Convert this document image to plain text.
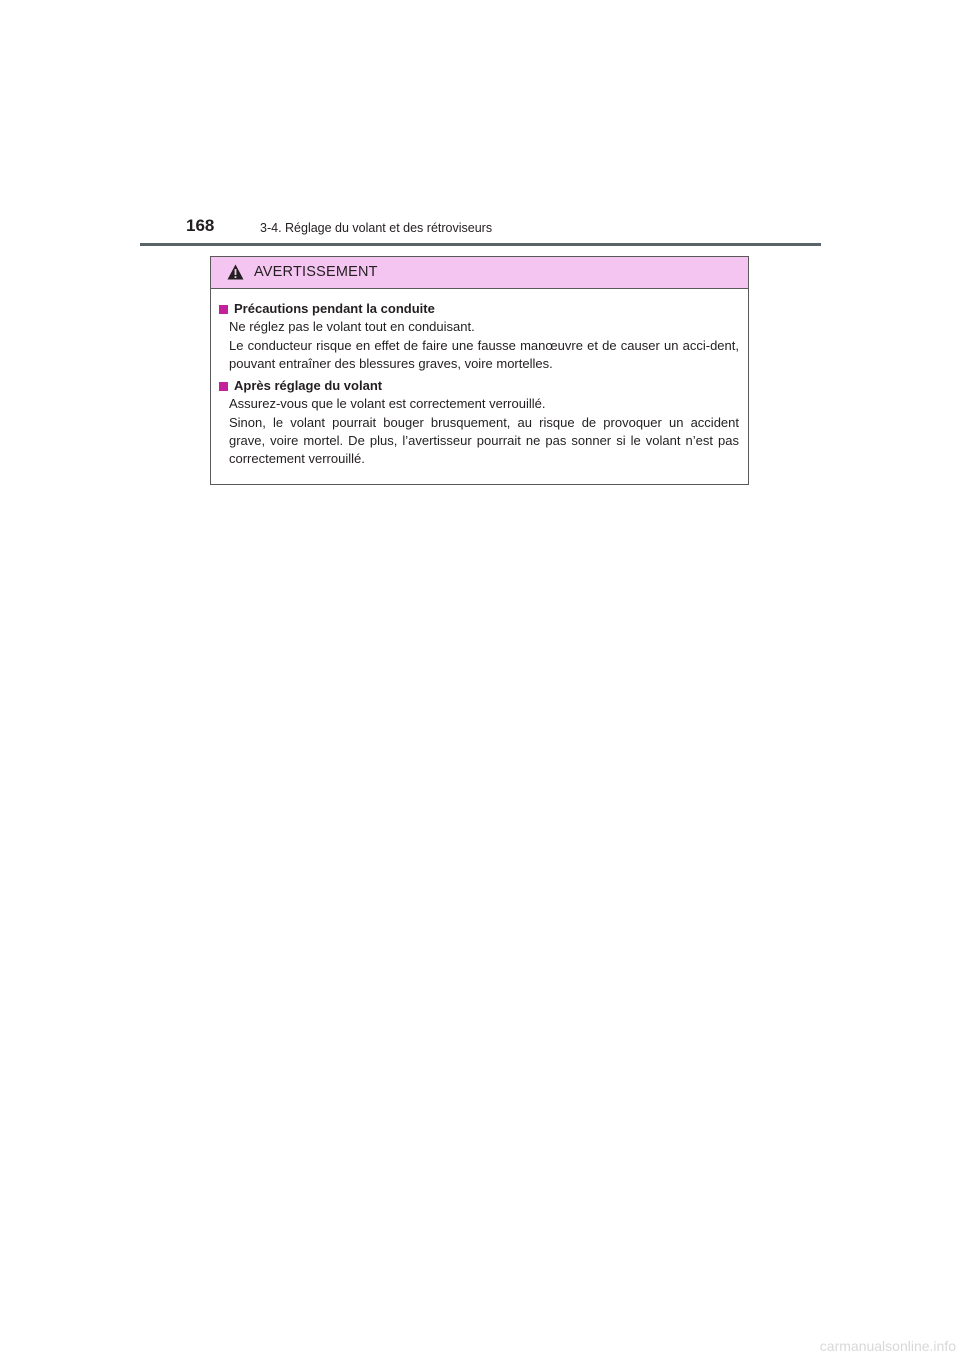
168	3-4. Réglage du volant et des rétroviseurs
AVERTISSEMENT
Précautions pendant la conduite

Ne réglez pas le volant tout en conduisant.

Le conducteur risque en effet de faire une fausse manœuvre et de causer un acci-dent, pouvant entraîner des blessures graves, voire mortelles.

Après réglage du volant

Assurez-vous que le volant est correctement verrouillé.

Sinon, le volant pourrait bouger brusquement, au risque de provoquer un accident grave, voire mortel. De plus, l’avertisseur pourrait ne pas sonner si le volant n’est pas correctement verrouillé.

carmanualsonline.info
